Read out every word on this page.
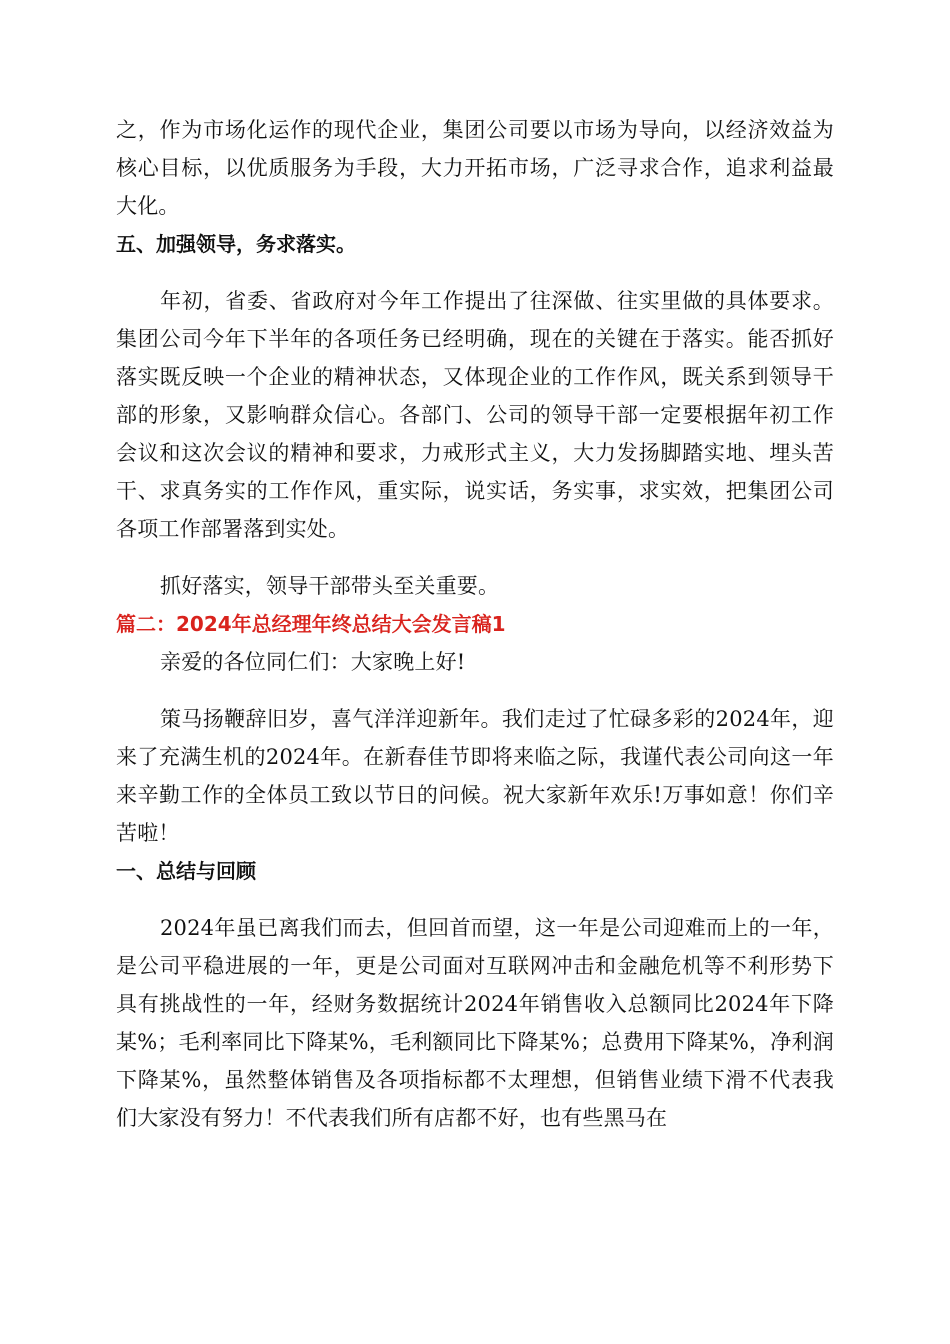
之，作为市场化运作的现代企业，集团公司要以市场为导向，以经济效益为核心目标，以优质服务为手段，大力开拓市场，广泛寻求合作，追求利益最大化。

五、加强领导，务求落实。

年初，省委、省政府对今年工作提出了往深做、往实里做的具体要求。集团公司今年下半年的各项任务已经明确，现在的关键在于落实。能否抓好落实既反映一个企业的精神状态，又体现企业的工作作风，既关系到领导干部的形象，又影响群众信心。各部门、公司的领导干部一定要根据年初工作会议和这次会议的精神和要求，力戒形式主义，大力发扬脚踏实地、埋头苦干、求真务实的工作作风，重实际，说实话，务实事，求实效，把集团公司各项工作部署落到实处。

抓好落实，领导干部带头至关重要。

篇二：2024年总经理年终总结大会发言稿1

亲爱的各位同仁们：大家晚上好!

策马扬鞭辞旧岁，喜气洋洋迎新年。我们走过了忙碌多彩的2024年，迎来了充满生机的2024年。在新春佳节即将来临之际，我谨代表公司向这一年来辛勤工作的全体员工致以节日的问候。祝大家新年欢乐!万事如意！你们辛苦啦！

一、总结与回顾

2024年虽已离我们而去，但回首而望，这一年是公司迎难而上的一年，是公司平稳进展的一年，更是公司面对互联网冲击和金融危机等不利形势下具有挑战性的一年，经财务数据统计2024年销售收入总额同比2024年下降某%；毛利率同比下降某%，毛利额同比下降某%；总费用下降某%，净利润下降某%，虽然整体销售及各项指标都不太理想，但销售业绩下滑不代表我们大家没有努力！不代表我们所有店都不好，也有些黑马在
